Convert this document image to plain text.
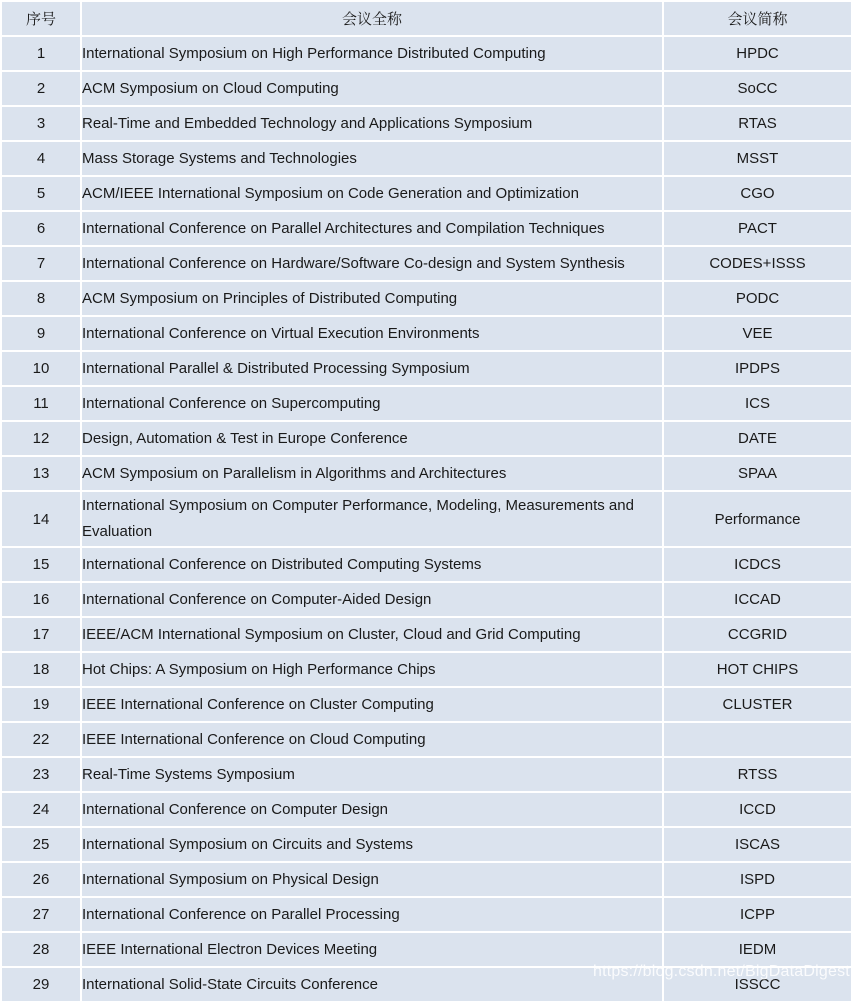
序号	会议全称	会议简称
1	International Symposium on High Performance Distributed Computing	HPDC
2	ACM Symposium on Cloud Computing	SoCC
3	Real-Time and Embedded Technology and Applications Symposium	RTAS
4	Mass Storage Systems and Technologies	MSST
5	ACM/IEEE International Symposium on Code Generation and Optimization	CGO
6	International Conference on Parallel Architectures and Compilation Techniques	PACT
7	International Conference on Hardware/Software Co-design and System Synthesis	CODES+ISSS
8	ACM Symposium on Principles of Distributed Computing	PODC
9	International Conference on Virtual Execution Environments	VEE
10	International Parallel & Distributed Processing Symposium	IPDPS
11	International Conference on Supercomputing	ICS
12	Design, Automation & Test in Europe Conference	DATE
13	ACM Symposium on Parallelism in Algorithms and Architectures	SPAA
14	International Symposium on Computer Performance, Modeling, Measurements and Evaluation	Performance
15	International Conference on Distributed Computing Systems	ICDCS
16	International Conference on Computer-Aided Design	ICCAD
17	IEEE/ACM International Symposium on Cluster, Cloud and Grid Computing	CCGRID
18	Hot Chips: A Symposium on High Performance Chips	HOT CHIPS
19	IEEE International Conference on Cluster Computing	CLUSTER
22	IEEE International Conference on Cloud Computing	
23	Real-Time Systems Symposium	RTSS
24	International Conference on Computer Design	ICCD
25	International Symposium on Circuits and Systems	ISCAS
26	International Symposium on Physical Design	ISPD
27	International Conference on Parallel Processing	ICPP
28	IEEE International Electron Devices Meeting	IEDM
29	International Solid-State Circuits Conference	ISSCC
https://blog.csdn.net/BigDataDigest
